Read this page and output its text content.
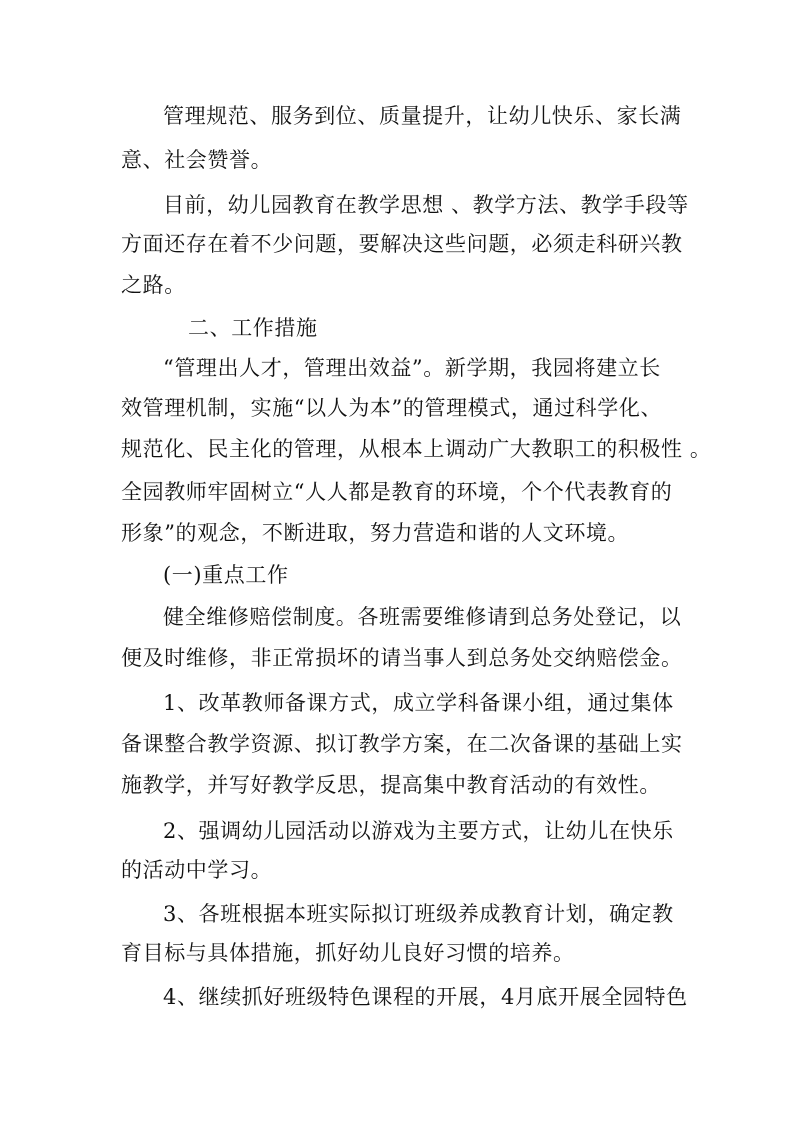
管理规范、服务到位、质量提升，让幼儿快乐、家长满
意、社会赞誉。
目前，幼儿园教育在教学思想 、教学方法、教学手段等
方面还存在着不少问题，要解决这些问题，必须走科研兴教
之路。
二、工作措施
“管理出人才，管理出效益”。新学期，我园将建立长
效管理机制，实施“以人为本”的管理模式，通过科学化、
规范化、民主化的管理，从根本上调动广大教职工的积极性 。
全园教师牢固树立“人人都是教育的环境，个个代表教育的
形象”的观念，不断进取，努力营造和谐的人文环境。
(一)重点工作
健全维修赔偿制度。各班需要维修请到总务处登记，以
便及时维修，非正常损坏的请当事人到总务处交纳赔偿金。
1、改革教师备课方式，成立学科备课小组，通过集体
备课整合教学资源、拟订教学方案，在二次备课的基础上实
施教学，并写好教学反思，提高集中教育活动的有效性。
2、强调幼儿园活动以游戏为主要方式，让幼儿在快乐
的活动中学习。
3、各班根据本班实际拟订班级养成教育计划，确定教
育目标与具体措施，抓好幼儿良好习惯的培养。
4、继续抓好班级特色课程的开展，4月底开展全园特色
